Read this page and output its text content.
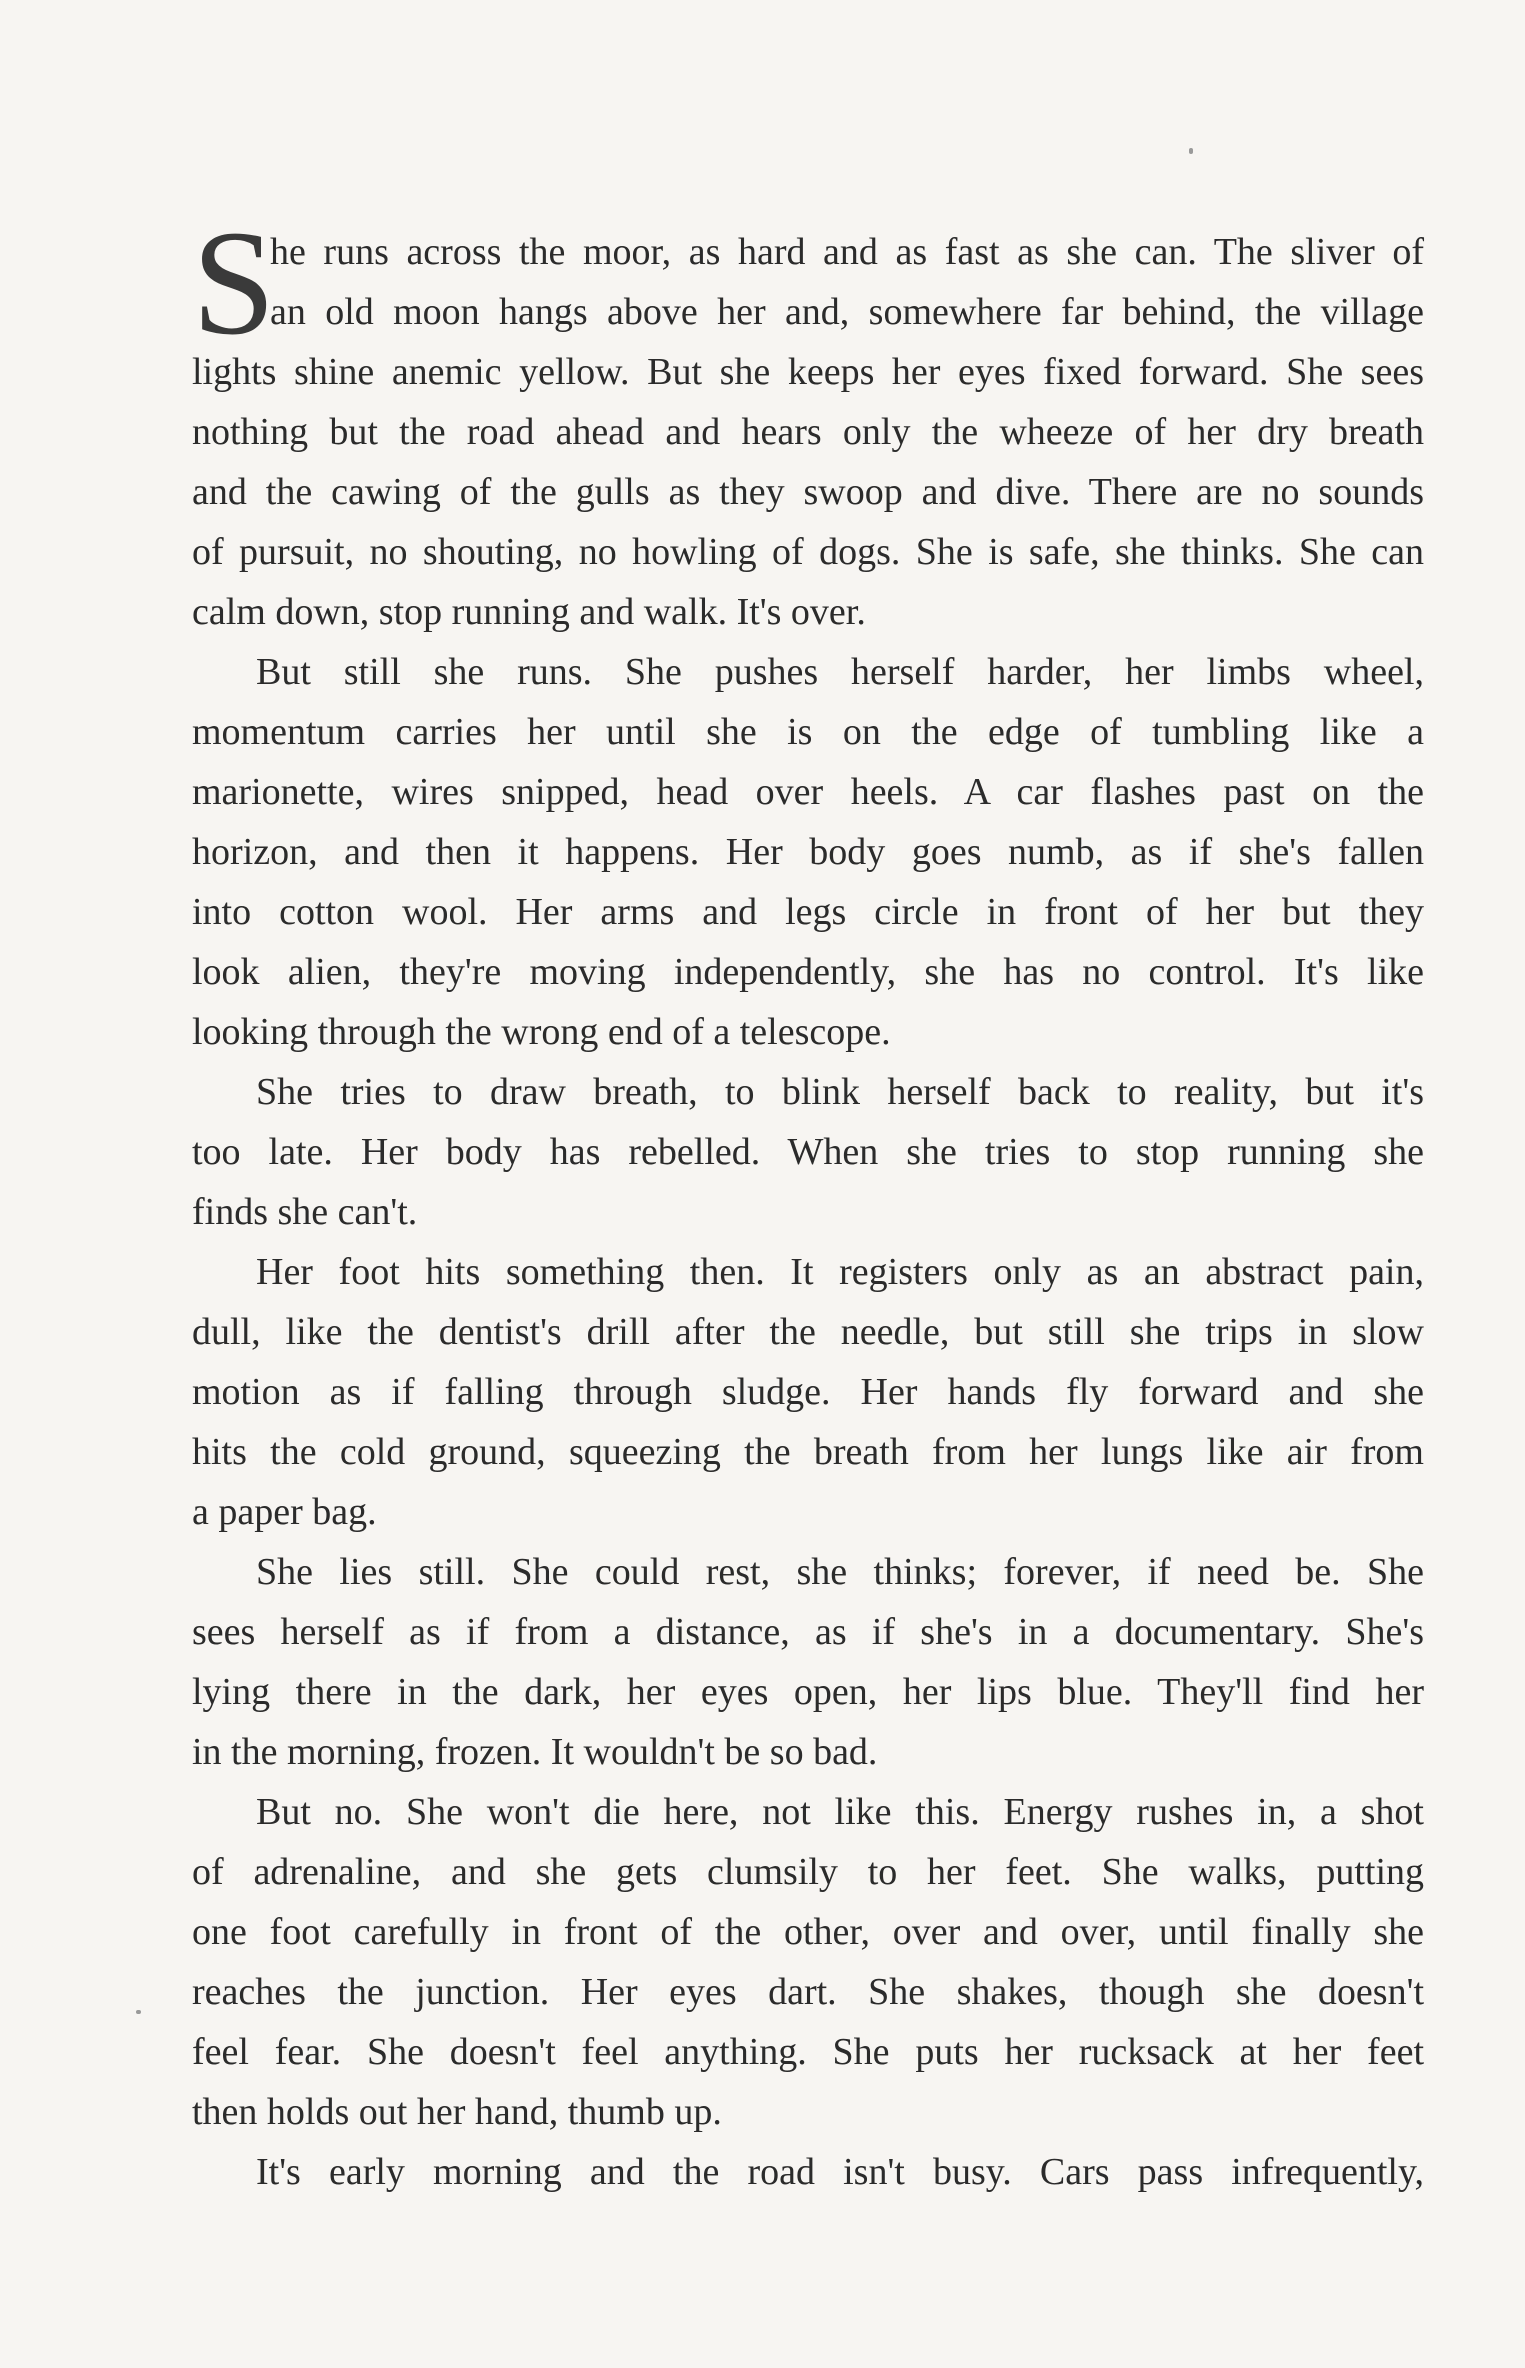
S
he runs across the moor, as hard and as fast as she can. The sliver of
an old moon hangs above her and, somewhere far behind, the village
lights shine anemic yellow. But she keeps her eyes fixed forward. She sees
nothing but the road ahead and hears only the wheeze of her dry breath
and the cawing of the gulls as they swoop and dive. There are no sounds
of pursuit, no shouting, no howling of dogs. She is safe, she thinks. She can
calm down, stop running and walk. It's over.
But still she runs. She pushes herself harder, her limbs wheel,
momentum carries her until she is on the edge of tumbling like a
marionette, wires snipped, head over heels. A car flashes past on the
horizon, and then it happens. Her body goes numb, as if she's fallen
into cotton wool. Her arms and legs circle in front of her but they
look alien, they're moving independently, she has no control. It's like
looking through the wrong end of a telescope.
She tries to draw breath, to blink herself back to reality, but it's
too late. Her body has rebelled. When she tries to stop running she
finds she can't.
Her foot hits something then. It registers only as an abstract pain,
dull, like the dentist's drill after the needle, but still she trips in slow
motion as if falling through sludge. Her hands fly forward and she
hits the cold ground, squeezing the breath from her lungs like air from
a paper bag.
She lies still. She could rest, she thinks; forever, if need be. She
sees herself as if from a distance, as if she's in a documentary. She's
lying there in the dark, her eyes open, her lips blue. They'll find her
in the morning, frozen. It wouldn't be so bad.
But no. She won't die here, not like this. Energy rushes in, a shot
of adrenaline, and she gets clumsily to her feet. She walks, putting
one foot carefully in front of the other, over and over, until finally she
reaches the junction. Her eyes dart. She shakes, though she doesn't
feel fear. She doesn't feel anything. She puts her rucksack at her feet
then holds out her hand, thumb up.
It's early morning and the road isn't busy. Cars pass infrequently,
